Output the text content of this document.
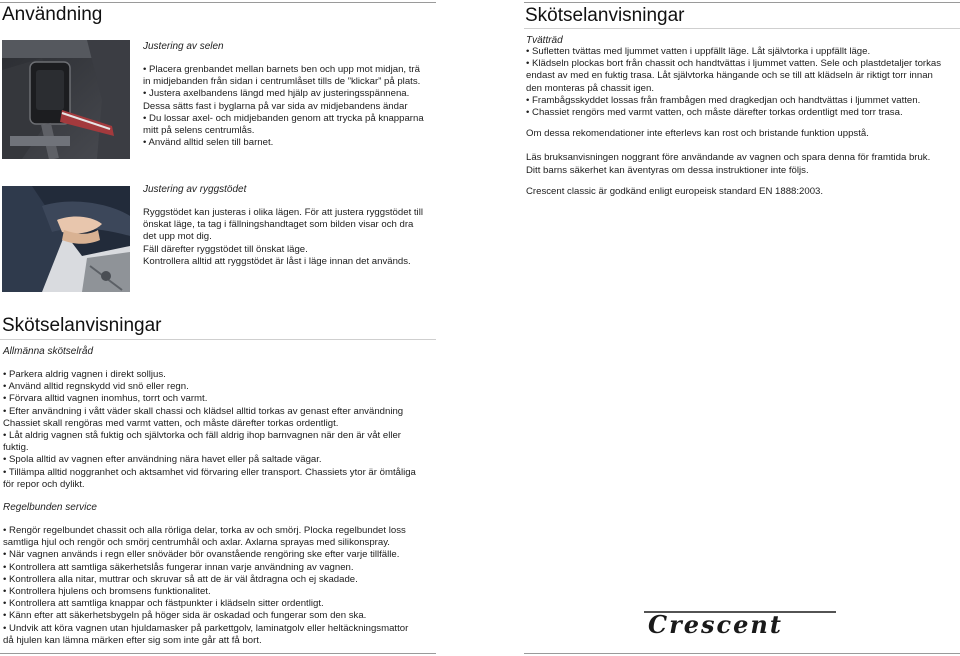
Användning
Justering av selen

• Placera grenbandet mellan barnets ben och upp mot midjan, trä

in midjebanden från sidan i centrumlåset tills de ”klickar” på plats.

• Justera axelbandens längd med hjälp av justeringsspännena.

Dessa sätts fast i byglarna på var sida av midjebandens ändar

• Du lossar axel- och midjebanden genom att trycka på knapparna

mitt på selens centrumlås.

• Använd alltid selen till barnet.

Justering av ryggstödet

Ryggstödet kan justeras i olika lägen. För att justera ryggstödet till

önskat läge, ta tag i fällningshandtaget som bilden visar och dra

det upp mot dig.

Fäll därefter ryggstödet till önskat läge.

Kontrollera alltid att ryggstödet är låst i läge innan det används.

Skötselanvisningar
Tvätträd

• Sufletten tvättas med ljummet vatten i uppfällt läge. Låt självtorka i uppfällt läge.

• Klädseln plockas bort från chassit och handtvättas i ljummet vatten. Sele och plastdetaljer torkas

endast av med en fuktig trasa. Låt självtorka hängande och se till att klädseln är riktigt torr innan

den monteras på chassit igen.

• Frambågsskyddet lossas från frambågen med dragkedjan och handtvättas i ljummet vatten.

• Chassiet rengörs med varmt vatten, och måste därefter torkas ordentligt med torr trasa.

Om dessa rekomendationer inte efterlevs kan rost och bristande funktion uppstå.

Läs bruksanvisningen noggrant före användande av vagnen och spara denna för framtida bruk.

Ditt barns säkerhet kan äventyras om dessa instruktioner inte följs.

Crescent classic är godkänd enligt europeisk standard EN 1888:2003.

Skötselanvisningar
Allmänna skötselråd

• Parkera aldrig vagnen i direkt solljus.

• Använd alltid regnskydd vid snö eller regn.

• Förvara alltid vagnen inomhus, torrt och varmt.

• Efter användning i vått väder skall chassi och klädsel alltid torkas av genast efter användning

Chassiet skall rengöras med varmt vatten, och måste därefter torkas ordentligt.

• Låt aldrig vagnen stå fuktig och självtorka och fäll aldrig ihop barnvagnen när den är våt eller

fuktig.

• Spola alltid av vagnen efter användning nära havet eller på saltade vägar.

• Tillämpa alltid noggranhet och aktsamhet vid förvaring eller transport. Chassiets ytor är ömtåliga

för repor och dylikt.

Regelbunden service

• Rengör regelbundet chassit och alla rörliga delar, torka av och smörj. Plocka regelbundet loss

samtliga hjul och rengör och smörj centrumhål och axlar. Axlarna sprayas med silikonspray.

• När vagnen används i regn eller snöväder bör ovanstående rengöring ske efter varje tillfälle.

• Kontrollera att samtliga säkerhetslås fungerar innan varje användning av vagnen.

• Kontrollera alla nitar, muttrar och skruvar så att de är väl åtdragna och ej skadade.

• Kontrollera hjulens och bromsens funktionalitet.

• Kontrollera att samtliga knappar och fästpunkter i klädseln sitter ordentligt.

• Känn efter att säkerhetsbygeln på höger sida är oskadad och fungerar som den ska.

• Undvik att köra vagnen utan hjuldamasker på parkettgolv, laminatgolv eller heltäckningsmattor

då hjulen kan lämna märken efter sig som inte går att få bort.

Crescent
